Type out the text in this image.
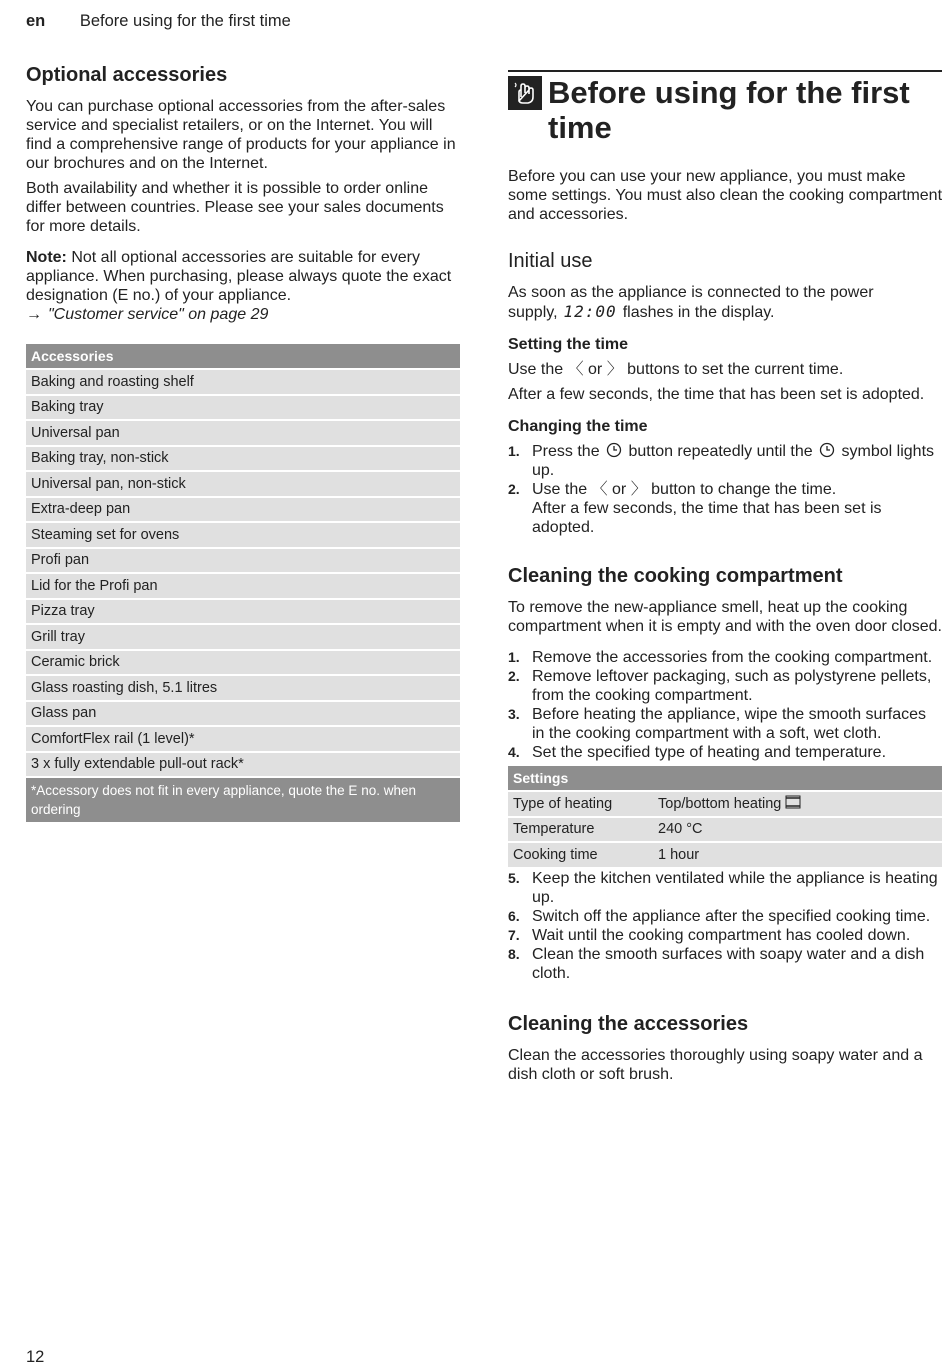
en Before using for the first time
Optional accessories

You can purchase optional accessories from the after-sales service and specialist retailers, or on the Internet. You will find a comprehensive range of products for your appliance in our brochures and on the Internet.

Both availability and whether it is possible to order online differ between countries. Please see your sales documents for more details.

Note: Not all optional accessories are suitable for every appliance. When purchasing, please always quote the exact designation (E no.) of your appliance.

→ "Customer service" on page 29

Accessories
Baking and roasting shelf
Baking tray
Universal pan
Baking tray, non-stick
Universal pan, non-stick
Extra-deep pan
Steaming set for ovens
Profi pan
Lid for the Profi pan
Pizza tray
Grill tray
Ceramic brick
Glass roasting dish, 5.1 litres
Glass pan
ComfortFlex rail (1 level)*
3 x fully extendable pull-out rack*
*Accessory does not fit in every appliance, quote the E no. when ordering
Before using for the first time

Before you can use your new appliance, you must make some settings. You must also clean the cooking compartment and accessories.

Initial use

As soon as the appliance is connected to the power supply, 12:00 flashes in the display.

Setting the time

Use the 〈 or 〉 buttons to set the current time.

After a few seconds, the time that has been set is adopted.

Changing the time
1. Press the button repeatedly until the symbol lights up.
2. Use the 〈 or 〉 button to change the time.
After a few seconds, the time that has been set is adopted.
Cleaning the cooking compartment

To remove the new-appliance smell, heat up the cooking compartment when it is empty and with the oven door closed.

1. Remove the accessories from the cooking compartment.
2. Remove leftover packaging, such as polystyrene pellets, from the cooking compartment.
3. Before heating the appliance, wipe the smooth surfaces in the cooking compartment with a soft, wet cloth.
4. Set the specified type of heating and temperature.
Settings	
Type of heating	Top/bottom heating
Temperature	240 °C
Cooking time	1 hour
5. Keep the kitchen ventilated while the appliance is heating up.
6. Switch off the appliance after the specified cooking time.
7. Wait until the cooking compartment has cooled down.
8. Clean the smooth surfaces with soapy water and a dish cloth.
Cleaning the accessories

Clean the accessories thoroughly using soapy water and a dish cloth or soft brush.

12
